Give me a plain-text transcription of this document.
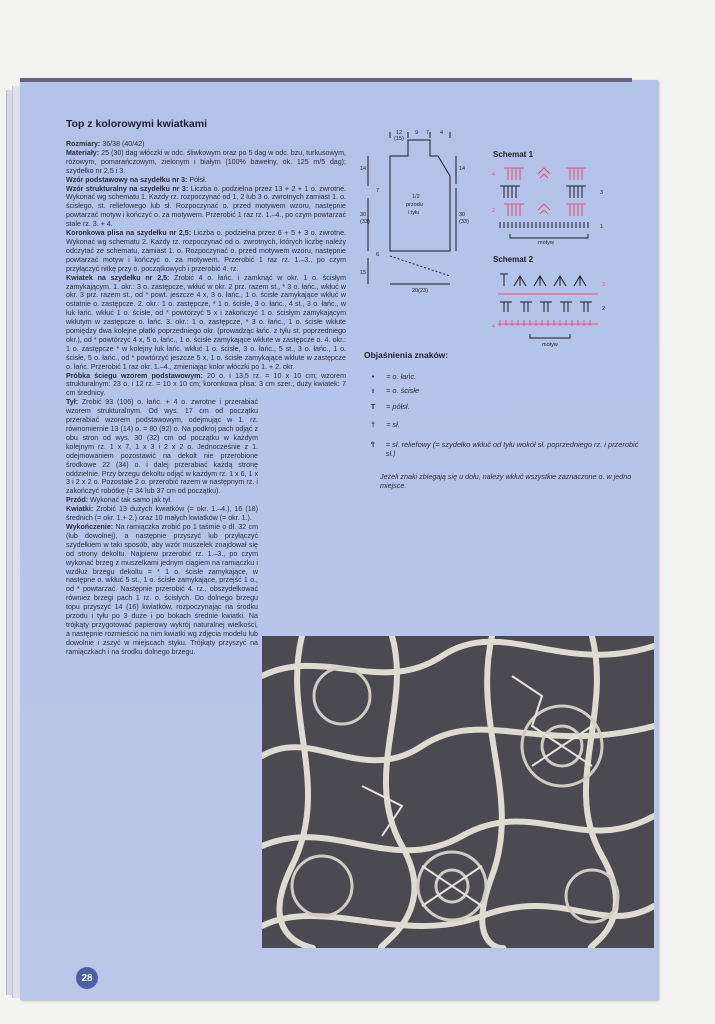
Top z kolorowymi kwiatkami

Rozmiary: 36/38 (40/42)

Materiały: 25 (30) dag włóczki w odc. śliwkowym oraz po 5 dag w odc. bzu, turkusowym, różowym, pomarańczowym, zielonym i białym (100% bawełny, ok. 125 m/5 dag); szydełko nr 2,5 i 3.

Wzór podstawowy na szydełku nr 3: Półsł.

Wzór strukturalny na szydełku nr 3: Liczba o. podzielna przez 13 + 2 + 1 o. zwrotne. Wykonać wg schematu 1. Każdy rz. rozpoczynać od 1, 2 lub 3 o. zwrotnych zamiast 1. o. ścisłego, st. reliefowego lub sł. Rozpoczynać o. przed motywem wzoru, następnie powtarzać motyw i kończyć o. za motywem. Przerobić 1 raz rz. 1.–4., po czym powtarzać stale rz. 3. + 4.

Koronkowa plisa na szydełku nr 2,5: Liczba o. podzielna przez 6 + 5 + 3 o. zwrotne. Wykonać wg schematu 2. Każdy rz. rozpoczynać od o. zwrotnych, których liczbę należy odczytać ze schematu, zamiast 1. o. Rozpoczynać o. przed motywem wzoru, następnie powtarzać motyw i kończyć o. za motywem. Przerobić 1 raz rz. 1.–3., po czym przyłączyć nitkę przy o. początkowych i przerobić 4. rz.

Kwiatek na szydełku nr 2,5: Zrobić 4 o. łańc. i zamknąć w okr. 1 o. ścisłym zamykającym. 1. okr.: 3 o. zastępcze, wkłuć w okr. 2 prz. razem st., * 3 o. łańc., wkłuć w okr. 3 prz. razem st., od * powt. jeszcze 4 x, 3 o. łańc., 1 o. ścisłe zamykające wkłuć w ostatnie o. zastępcze. 2. okr.: 1 o. zastępcze, * 1 o. ścisłe, 3 o. łańc., 4 st., 3 o. łańc., w łuk łańc. wkłuć 1 o. ścisłe, od * powtórzyć 5 x i zakończyć 1 o. ścisłym zamykającym wkłutym w zastępcze o. łańc. 3. okr.: 1 o. zastępcze, * 3 o. łańc., 1 o. ścisłe wkłute pomiędzy dwa kolejne płatki poprzedniego okr. (prowadząc łańc. z tyłu st. poprzedniego okr.), od * powtórzyć 4 x, 5 o. łańc., 1 o. ścisłe zamykające wkłute w zastępcze o. 4. okr.: 1 o. zastępcze * w kolejny łuk łańc. wkłuć 1 o. ścisłe, 3 o. łańc., 5 st., 3 o. łańc., 1 o. ścisłe, 5 o. łańc., od * powtórzyć jeszcze 5 x, 1 o. ścisłe zamykające wkłute w zastępcze o. łańc. Przerobić 1 raz okr. 1.–4., zmieniając kolor włóczki po 1. + 2. okr.

Próbka ściegu wzorem podstawowym: 20 o. i 13,5 rz. = 10 x 10 cm; wzorem strukturalnym: 23 o. i 12 rz. = 10 x 10 cm; koronkowa plisa: 3 cm szer.; duży kwiatek: 7 cm średnicy.

Tył: Zrobić 93 (106) o. łańc. + 4 o. zwrotne i przerabiać wzorem strukturalnym. Od wys. 17 cm od początku przerabiać wzorem podstawowym, odejmując w 1. rz. równomiernie 13 (14) o. = 80 (92) o. Na podkroj pach odjąć z obu stron od wys. 30 (32) cm od początku w każdym kolejnym rz. 1 x 7, 1 x 3 i 2 x 2 o. Jednocześnie z 1. odejmowaniem pozostawić na dekolt nie przerobione środkowe 22 (34) o. i dalej przerabiać każdą stronę oddzielnie. Przy brzegu dekoltu odjąć w każdym rz. 1 x 6, 1 x 3 i 2 x 2 o. Pozostałe 2 o. przerobić razem w następnym rz. i zakończyć robótkę (= 34 lub 37 cm od początku).

Przód: Wykonać tak samo jak tył.

Kwiatki: Zrobić 13 dużych kwiatków (= okr. 1.–4.), 16 (18) średnich (= okr. 1.+ 2.) oraz 10 małych kwiatków (= okr. 1.).

Wykończenie: Na ramiączka zrobić po 1 taśmie o dł. 32 cm (lub dowolnej), a następnie przyszyć lub przyłączyć szydełkiem w taki sposób, aby wzór muszelek znajdował się od strony dekoltu. Najpierw przerobić rz. 1.–3., po czym wykonać brzeg z muszelkami jednym ciągiem na ramiączku i wzdłuż brzegu dekoltu = * 1 o. ścisłe zamykające, w następne o. wkłuć 5 st., 1 o. ścisłe zamykające, przejść 1 o., od * powtarzać. Następnie przerobić 4. rz., obszydełkować również brzegi pach 1 rz. o. ścisłych. Do dolnego brzegu topu przyszyć 14 (16) kwiatków, rozpoczynając na środku przodu i tyłu po 3 duże i po bokach średnie kwiatki. Na trójkąty przygotować papierowy wykrój naturalnej wielkości, a następnie rozmieścić na nim kwiatki wg zdjęcia modelu lub dowolnie i zszyć w miejscach styku. Trójkąty przyszyć na ramiączkach i na środku dolnego brzegu.

12
(15)
9 7 4
14
30
(33)
15
14
30
(33)
1/2
przodu
i tyłu
20(23)
7
6
Schemat 1
4
2
3
1
motyw
Schemat 2
4
3
2
motyw
Objaśnienia znaków:
•	= o. łańc.
ı	= o. ścisłe
T	= półsł.
†	= sł.
⫯	= sł. reliefowy (= szydełko wkłuć od tyłu wokół sł. poprzedniego rz. i przerobić sł.)
Jeżeli znaki zbiegają się u dołu, należy wkłuć wszystkie zaznaczone o. w jedno miejsce.
28
